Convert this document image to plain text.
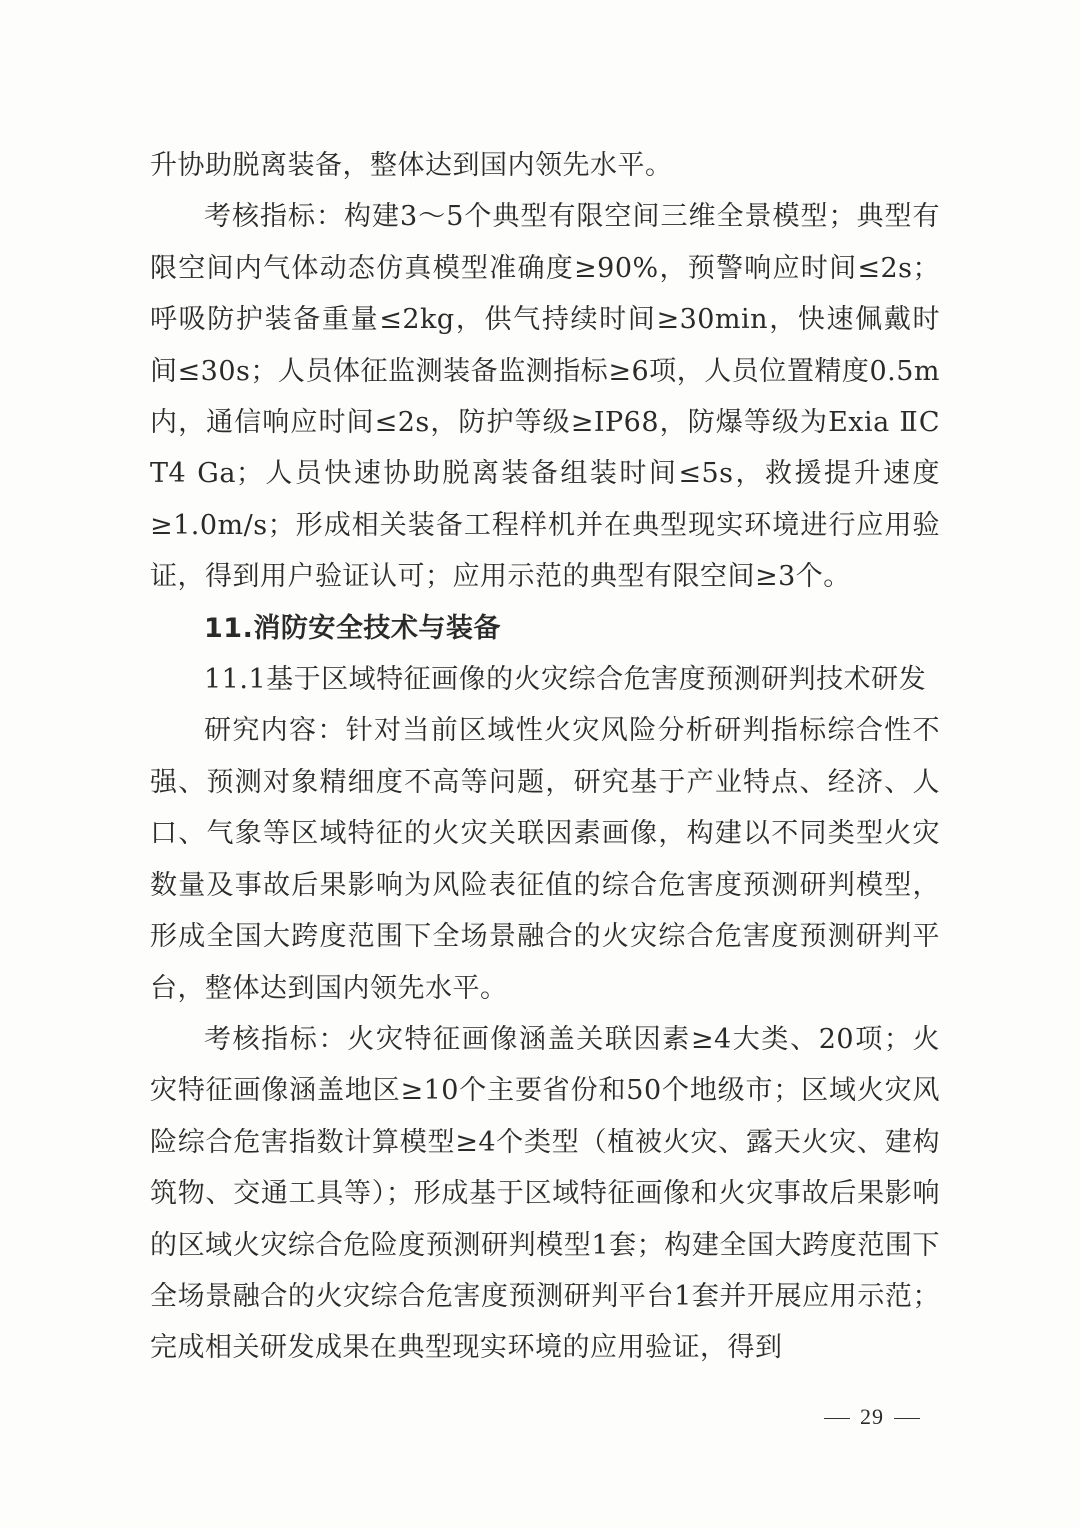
升协助脱离装备，整体达到国内领先水平。

考核指标：构建3～5个典型有限空间三维全景模型；典型有限空间内气体动态仿真模型准确度≥90%，预警响应时间≤2s；呼吸防护装备重量≤2kg，供气持续时间≥30min，快速佩戴时间≤30s；人员体征监测装备监测指标≥6项，人员位置精度0.5m内，通信响应时间≤2s，防护等级≥IP68，防爆等级为Exia ⅡC T4 Ga；人员快速协助脱离装备组装时间≤5s，救援提升速度≥1.0m/s；形成相关装备工程样机并在典型现实环境进行应用验证，得到用户验证认可；应用示范的典型有限空间≥3个。

11.消防安全技术与装备

11.1基于区域特征画像的火灾综合危害度预测研判技术研发

研究内容：针对当前区域性火灾风险分析研判指标综合性不强、预测对象精细度不高等问题，研究基于产业特点、经济、人口、气象等区域特征的火灾关联因素画像，构建以不同类型火灾数量及事故后果影响为风险表征值的综合危害度预测研判模型，形成全国大跨度范围下全场景融合的火灾综合危害度预测研判平台，整体达到国内领先水平。

考核指标：火灾特征画像涵盖关联因素≥4大类、20项；火灾特征画像涵盖地区≥10个主要省份和50个地级市；区域火灾风险综合危害指数计算模型≥4个类型（植被火灾、露天火灾、建构筑物、交通工具等）；形成基于区域特征画像和火灾事故后果影响的区域火灾综合危险度预测研判模型1套；构建全国大跨度范围下全场景融合的火灾综合危害度预测研判平台1套并开展应用示范；完成相关研发成果在典型现实环境的应用验证，得到

29
